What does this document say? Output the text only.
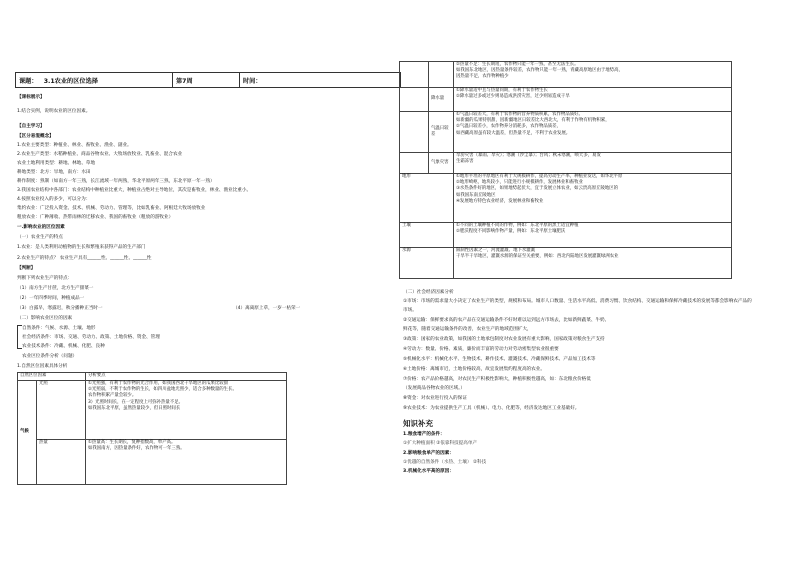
课题： 3.1农业的区位选择	第7周	时间：
【课标展示】
1.结合实例，说明农业的区位因素。
【自主学习】
【区分易混概念】
1.农业主要类型：种植业、林业、畜牧业、渔业、副业。
2.农业生产类型：水稻种植业、商品谷物农业、大牧场放牧业、乳畜业、混合农业
农业土地利用类型：耕地、林地、草地
耕地类型：北方：旱地，南方：水田
耕作制度：熟制（如南方一年三熟，长江流域一年两熟，华北平原两年三熟，东北平原一年一熟）
3.我国农业结构中各部门：农业结构中种植业比重大，种植业占绝对主导地位，其次是畜牧业，林业、渔业比重小。
4.按照农业投入的多少，可以分为：
集约农业：广泛投入资金、技术、机械、劳动力、管理等，比如乳畜业、阿根廷大牧场放牧业
粗放农业：广种薄收、热带雨林的迁移农业、我国的畜牧业（粗放的游牧业）
一.影响农业的区位因素
（一）农业生产的特点
1.农业：是人类利用动植物的生长和繁殖来获得产品的生产部门
2.农业生产的特点？ 农业生产具有______性、______性、______性
【判断】
判断下列农业生产的特点：
（1）南方生产甘蔗，北方生产甜菜一
（2）一年四季时间，种植成品一
（3）白露早，寒露迟，秋分播种正当时一	（4）离离原上草，一岁一枯荣一
（二）影响农业区位的因素
自然条件：气候、水源、土壤、地形
社会经济条件：市场、交通、劳动力、政策、土地价格、资金、管理
农业技术条件：冷藏、机械、化肥、良种
农业区位条件分析（问题）
1.自然区位因素具体分析
自然区位因素		分析要点
气候	光照	①光照强，有利于农作物的光合作用，如我国西北干旱地区的瓜果比较甜
②光照弱，不利于农作物的生长，如四川盆地光照少，适合多种数量的生长。
农作物积累产量会较少。
3）光照时间长，在一定程度上可弥补热量不足。
如我国东北平原，虽然热量较少，但日照时间长

	热量	①热量高：生长期长，复种指数高，单产高。
如我国南方，因热量条件好，农作物可一年三熟。

		②热量不足：生长期短，农作物只能一年一熟，甚至无法生长。
如我国东北地区，因热量条件较差，农作物只能一年一熟，青藏高原地区由于地势高，
因热量不足，农作物种植少

	降水量	①降水量适中且与热量同期，有利于农作物生长
②降水量过多或过少则易造成洪涝灾害，过少则易造成干旱

	气温日较差	①气温日较差大，有利于农作物的营养物质积累，农作物品质好。
如新疆的瓜果特别甜，因新疆地区日较差比大西北大，有利于作物有机物积累，
②气温日较差小，农作物养分消耗多，农作物品质差，
如西藏高原虽有较大温差，但热量不足，不利于农业发展。

	气象灾害	旱涝灾害（暴雨、旱灾）；寒潮（沙尘暴）；台风；秋末寒潮，喷天多，易发
生霜冻害

地形		①地形平坦的平原地区有利于大规模耕作，提高劳动生产率，种植业发达，如华北平原
②地形崎岖，地块较小，只能进行小规模耕作，发展林业和畜牧业
③水热条件好的地区，如果地势起伏大，宜于发展立体农业，如云贵高原丘陵地区的
如我国东南丘陵地区
④发展地方特色农业经济，发展林业和畜牧业

土壤		①不同的土壤种植不同的作物，例如：东北平原的黑土适宜种植
②肥沃程度不同影响作物产量，例如：东北平原土壤肥沃

水源		限制性因素之一，河流灌溉、地下水灌溉
干旱半干旱地区，灌溉水源的保证至关重要，例如：西北内陆地区发展灌溉绿洲农业
（二）社会经济因素分析
①市场：市场的需求量大小决定了农业生产的类型，规模和布局。城市人口数量、生活水平高低、消费习惯、饮食结构、交通运输和保鲜冷藏技术的发展等都会影响农产品的
市场。
②交通运输：保鲜要求高的农产品在交通运输条件不好时难以运到远方市场去，比如新鲜蔬菜、牛奶、
鲜花等，随着交通运输条件的改善，农业生产的地域范围扩大，
③政策：国家的农业政策，如我国的土地承包制度对农业发展有重大影响，国家政策对粮食生产支持
④劳动力：数量、价格、素质，廉价而丰富的劳动力对劳动密集型农业很重要
⑤机械化水平：机械化水平、生物技术、耕作技术、灌溉技术、冷藏保鲜技术、产品加工技术等
⑥土地价格：离城市近，土地价格较高，故宜发展集约程度高的农业。
⑦价格：农产品价格越高，对农民生产积极性影响大，种植积极性越高，如：东北粮食价格低
（发展商品谷物农业的区域。）
⑧资金：对农业进行投入的保证
⑨农业技术：为农业提供生产工具（机械）、电力、化肥等，经济发达地区工业基础好。
知识补充
1.粮食增产的条件：
①扩大种植面积 ②依靠科技提高单产
2.影响粮食单产的因素：
①优越的自然条件（水热、土壤） ②科技
3.机械化水平高的原因：
